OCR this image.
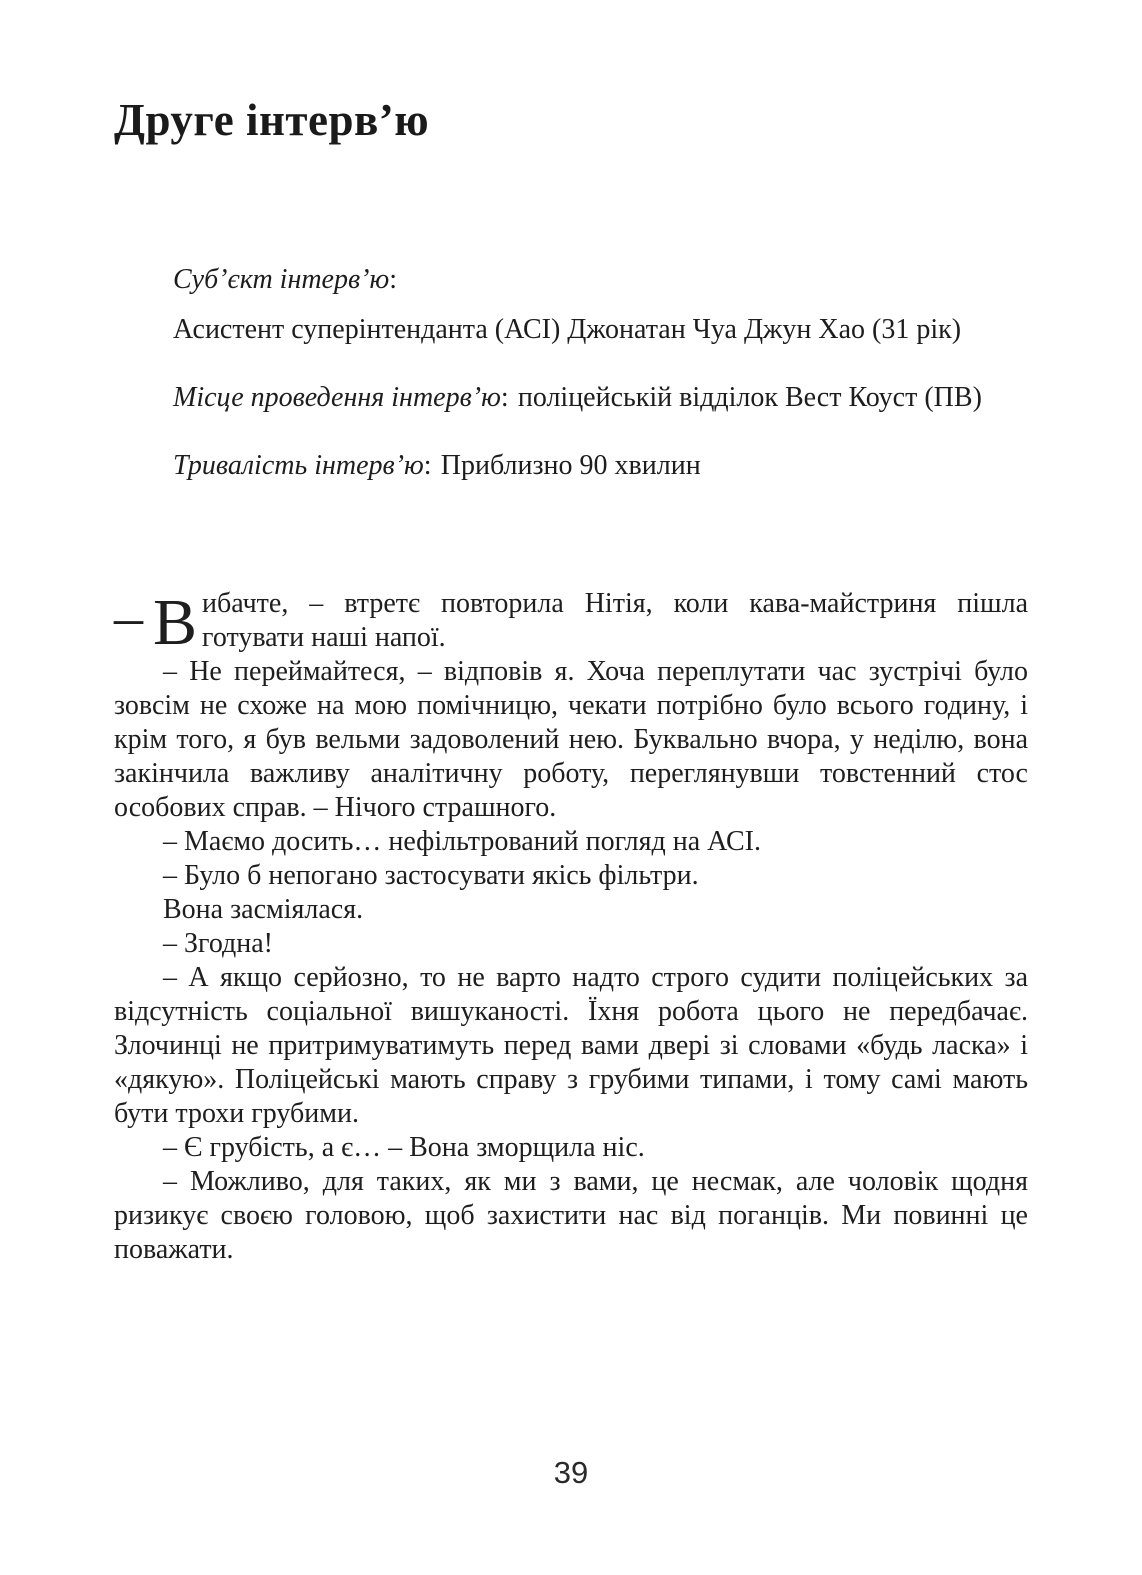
Друге інтерв’ю

Суб’єкт інтерв’ю:

Асистент суперінтенданта (АСІ) Джонатан Чуа Джун Хао (31 рік)

Місце проведення інтерв’ю: поліцейській відділок Вест Коуст (ПВ)

Тривалість інтерв’ю: Приблизно 90 хвилин

– В ибачте, – втретє повторила Нітія, коли кава-майстриня пішла готувати наші напої.

– Не переймайтеся, – відповів я. Хоча переплутати час зустрічі було зовсім не схоже на мою помічницю, чекати потрібно було всього годину, і крім того, я був вельми задоволений нею. Буквально вчора, у неділю, вона закінчила важливу аналітичну роботу, переглянувши товстенний стос особових справ. – Нічого страшного.

– Маємо досить… нефільтрований погляд на АСІ.

– Було б непогано застосувати якісь фільтри.

Вона засміялася.

– Згодна!

– А якщо серйозно, то не варто надто строго судити поліцейських за відсутність соціальної вишуканості. Їхня робота цього не передбачає. Злочинці не притримуватимуть перед вами двері зі словами «будь ласка» і «дякую». Поліцейські мають справу з грубими типами, і тому самі мають бути трохи грубими.

– Є грубість, а є… – Вона зморщила ніс.

– Можливо, для таких, як ми з вами, це несмак, але чоловік щодня ризикує своєю головою, щоб захистити нас від поганців. Ми повинні це поважати.

39
